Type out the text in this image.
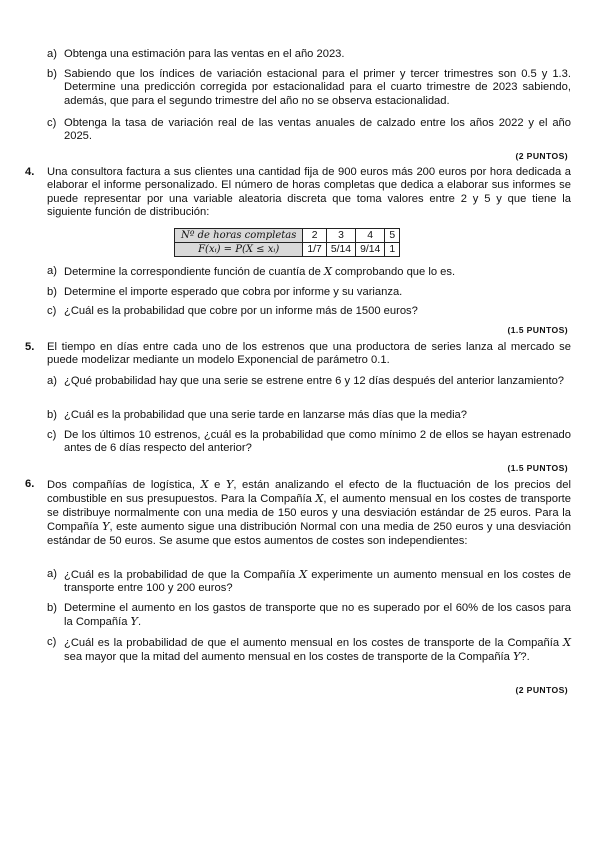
a) Obtenga una estimación para las ventas en el año 2023.
b) Sabiendo que los índices de variación estacional para el primer y tercer trimestres son 0.5 y 1.3. Determine una predicción corregida por estacionalidad para el cuarto trimestre de 2023 sabiendo, además, que para el segundo trimestre del año no se observa estacionalidad.
c) Obtenga la tasa de variación real de las ventas anuales de calzado entre los años 2022 y el año 2025.
(2 PUNTOS)
4. Una consultora factura a sus clientes una cantidad fija de 900 euros más 200 euros por hora dedicada a elaborar el informe personalizado. El número de horas completas que dedica a elaborar sus informes se puede representar por una variable aleatoria discreta que toma valores entre 2 y 5 y que tiene la siguiente función de distribución:
Nº de horas completas	2	3	4	5
F(xᵢ) = P(X ≤ xᵢ)	1/7	5/14	9/14	1
a) Determine la correspondiente función de cuantía de X comprobando que lo es.
b) Determine el importe esperado que cobra por informe y su varianza.
c) ¿Cuál es la probabilidad que cobre por un informe más de 1500 euros?
(1.5 PUNTOS)
5. El tiempo en días entre cada uno de los estrenos que una productora de series lanza al mercado se puede modelizar mediante un modelo Exponencial de parámetro 0.1.
a) ¿Qué probabilidad hay que una serie se estrene entre 6 y 12 días después del anterior lanzamiento?
b) ¿Cuál es la probabilidad que una serie tarde en lanzarse más días que la media?
c) De los últimos 10 estrenos, ¿cuál es la probabilidad que como mínimo 2 de ellos se hayan estrenado antes de 6 días respecto del anterior?
(1.5 PUNTOS)
6. Dos compañías de logística, X e Y, están analizando el efecto de la fluctuación de los precios del combustible en sus presupuestos. Para la Compañía X, el aumento mensual en los costes de transporte se distribuye normalmente con una media de 150 euros y una desviación estándar de 25 euros. Para la Compañía Y, este aumento sigue una distribución Normal con una media de 250 euros y una desviación estándar de 50 euros. Se asume que estos aumentos de costes son independientes:
a) ¿Cuál es la probabilidad de que la Compañía X experimente un aumento mensual en los costes de transporte entre 100 y 200 euros?
b) Determine el aumento en los gastos de transporte que no es superado por el 60% de los casos para la Compañía Y.
c) ¿Cuál es la probabilidad de que el aumento mensual en los costes de transporte de la Compañía X sea mayor que la mitad del aumento mensual en los costes de transporte de la Compañía Y?.
(2 PUNTOS)
